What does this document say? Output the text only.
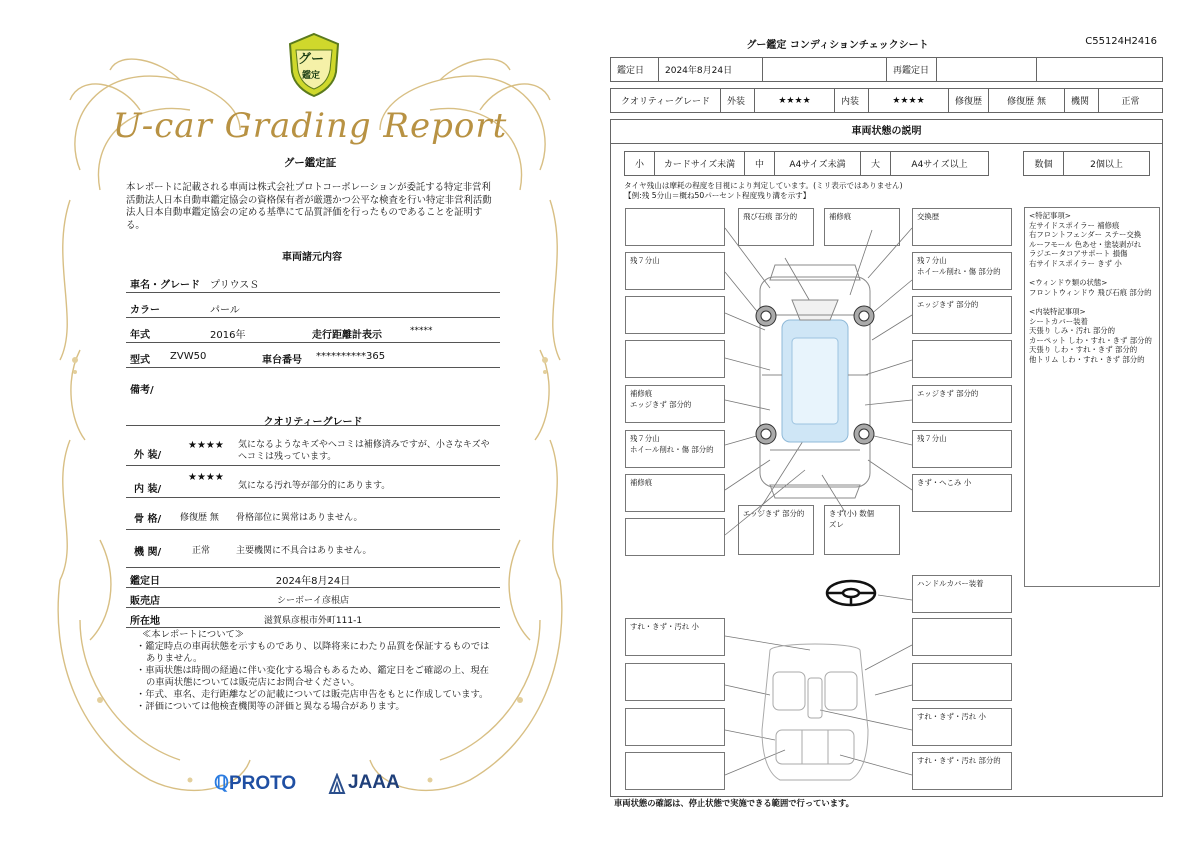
グー
鑑定
U-car Grading Report
グー鑑定証
本レポートに記載される車両は株式会社プロトコーポレーションが委託する特定非営利活動法人日本自動車鑑定協会の資格保有者が厳選かつ公平な検査を行い特定非営利活動法人日本自動車鑑定協会の定める基準にて品質評価を行ったものであることを証明する。
車両諸元内容
車名・グレード プリウスＳ
カラー	パール
年式	2016年	走行距離計表示	*****
型式 ZVW50	車台番号 **********365
備考/
クオリティーグレード
外 装/
★★★★ 気になるようなキズやヘコミは補修済みですが、小さなキズやヘコミは残っています。
内 装/
★★★★
気になる汚れ等が部分的にあります。
骨 格/ 修復歴 無 骨格部位に異常はありません。
機 関/	正常	主要機関に不具合はありません。
鑑定日	2024年8月24日
販売店	シーボーイ彦根店
所在地	滋賀県彦根市外町111-1
≪本レポートについて≫
・鑑定時点の車両状態を示すものであり、以降将来にわたり品質を保証するものではありません。
・車両状態は時間の経過に伴い変化する場合もあるため、鑑定日をご確認の上、現在の車両状態については販売店にお問合せください。
・年式、車名、走行距離などの記載については販売店申告をもとに作成しています。
・評価については他検査機関等の評価と異なる場合があります。
ℚPROTO	JAAA
グー鑑定 コンディションチェックシート	C55124H2416
鑑定日	2024年8月24日		再鑑定日		
クオリティーグレード	外装	★★★★	内装	★★★★	修復歴	修復歴 無	機関	正常
車両状態の説明
小	カードサイズ未満	中	A4サイズ未満	大	A4サイズ以上	数個	2個以上
タイヤ残山は摩耗の程度を目視により判定しています。(ミリ表示ではありません)
【例:残 5分山＝概ね50パーセント程度残り溝を示す】
残７分山
補修痕
エッジきず 部分的
残７分山
ホイール削れ・傷 部分的
補修痕
飛び石痕 部分的	補修痕	交換歴
残７分山
ホイール削れ・傷 部分的
エッジきず 部分的
エッジきず 部分的
残７分山
きず・へこみ 小
エッジきず 部分的	きず(小) 数個
ズレ
ハンドルカバー装着
すれ・きず・汚れ 小
すれ・きず・汚れ 小
すれ・きず・汚れ 部分的
<特記事項>
左サイドスポイラー 補修痕
右フロントフェンダー ステー交換
ルーフモール 色あせ・塗装剥がれ
ラジエータコアサポート 損傷
右サイドスポイラー きず 小
<ウィンドウ類の状態>
フロントウィンドウ 飛び石痕 部分的
<内装特記事項>
シートカバー装着
天張り しみ・汚れ 部分的
カーペット しわ・すれ・きず 部分的
天張り しわ・すれ・きず 部分的
他トリム しわ・すれ・きず 部分的
車両状態の確認は、停止状態で実施できる範囲で行っています。
